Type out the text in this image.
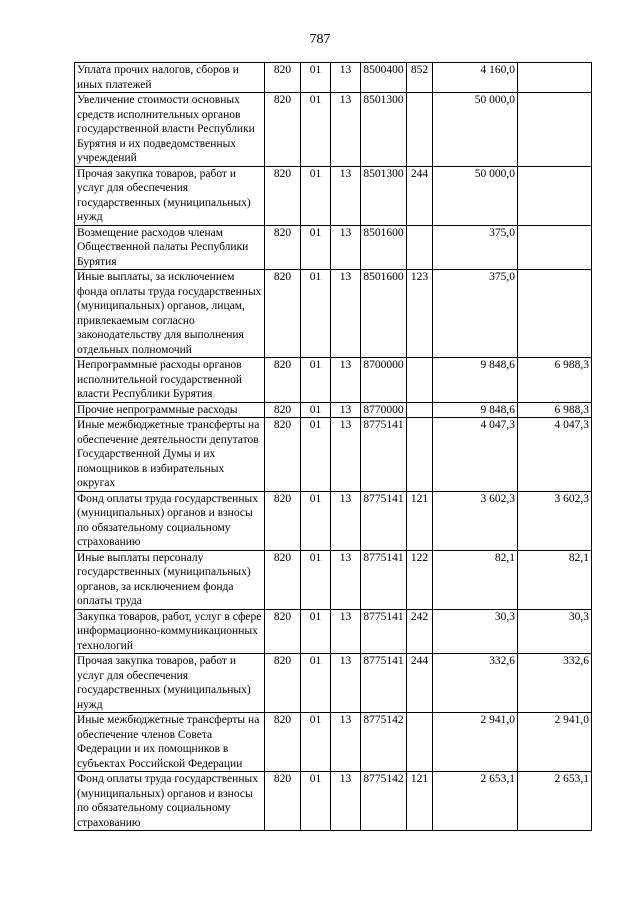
787
Уплата прочих налогов, сборов и иных платежей	820	01	13	8500400	852	4 160,0	
Увеличение стоимости основных средств исполнительных органов государственной власти Республики Бурятия и их подведомственных учреждений	820	01	13	8501300		50 000,0	
Прочая закупка товаров, работ и услуг для обеспечения государственных (муниципальных) нужд	820	01	13	8501300	244	50 000,0	
Возмещение расходов членам Общественной палаты Республики Бурятия	820	01	13	8501600		375,0	
Иные выплаты, за исключением фонда оплаты труда государственных (муниципальных) органов, лицам, привлекаемым согласно законодательству для выполнения отдельных полномочий	820	01	13	8501600	123	375,0	
Непрограммные расходы органов исполнительной государственной власти Республики Бурятия	820	01	13	8700000		9 848,6	6 988,3
Прочие непрограммные расходы	820	01	13	8770000		9 848,6	6 988,3
Иные межбюджетные трансферты на обеспечение деятельности депутатов Государственной Думы и их помощников в избирательных округах	820	01	13	8775141		4 047,3	4 047,3
Фонд оплаты труда государственных (муниципальных) органов и взносы по обязательному социальному страхованию	820	01	13	8775141	121	3 602,3	3 602,3
Иные выплаты персоналу государственных (муниципальных) органов, за исключением фонда оплаты труда	820	01	13	8775141	122	82,1	82,1
Закупка товаров, работ, услуг в сфере информационно-коммуникационных технологий	820	01	13	8775141	242	30,3	30,3
Прочая закупка товаров, работ и услуг для обеспечения государственных (муниципальных) нужд	820	01	13	8775141	244	332,6	332,6
Иные межбюджетные трансферты на обеспечение членов Совета Федерации и их помощников в субъектах Российской Федерации	820	01	13	8775142		2 941,0	2 941,0
Фонд оплаты труда государственных (муниципальных) органов и взносы по обязательному социальному страхованию	820	01	13	8775142	121	2 653,1	2 653,1
